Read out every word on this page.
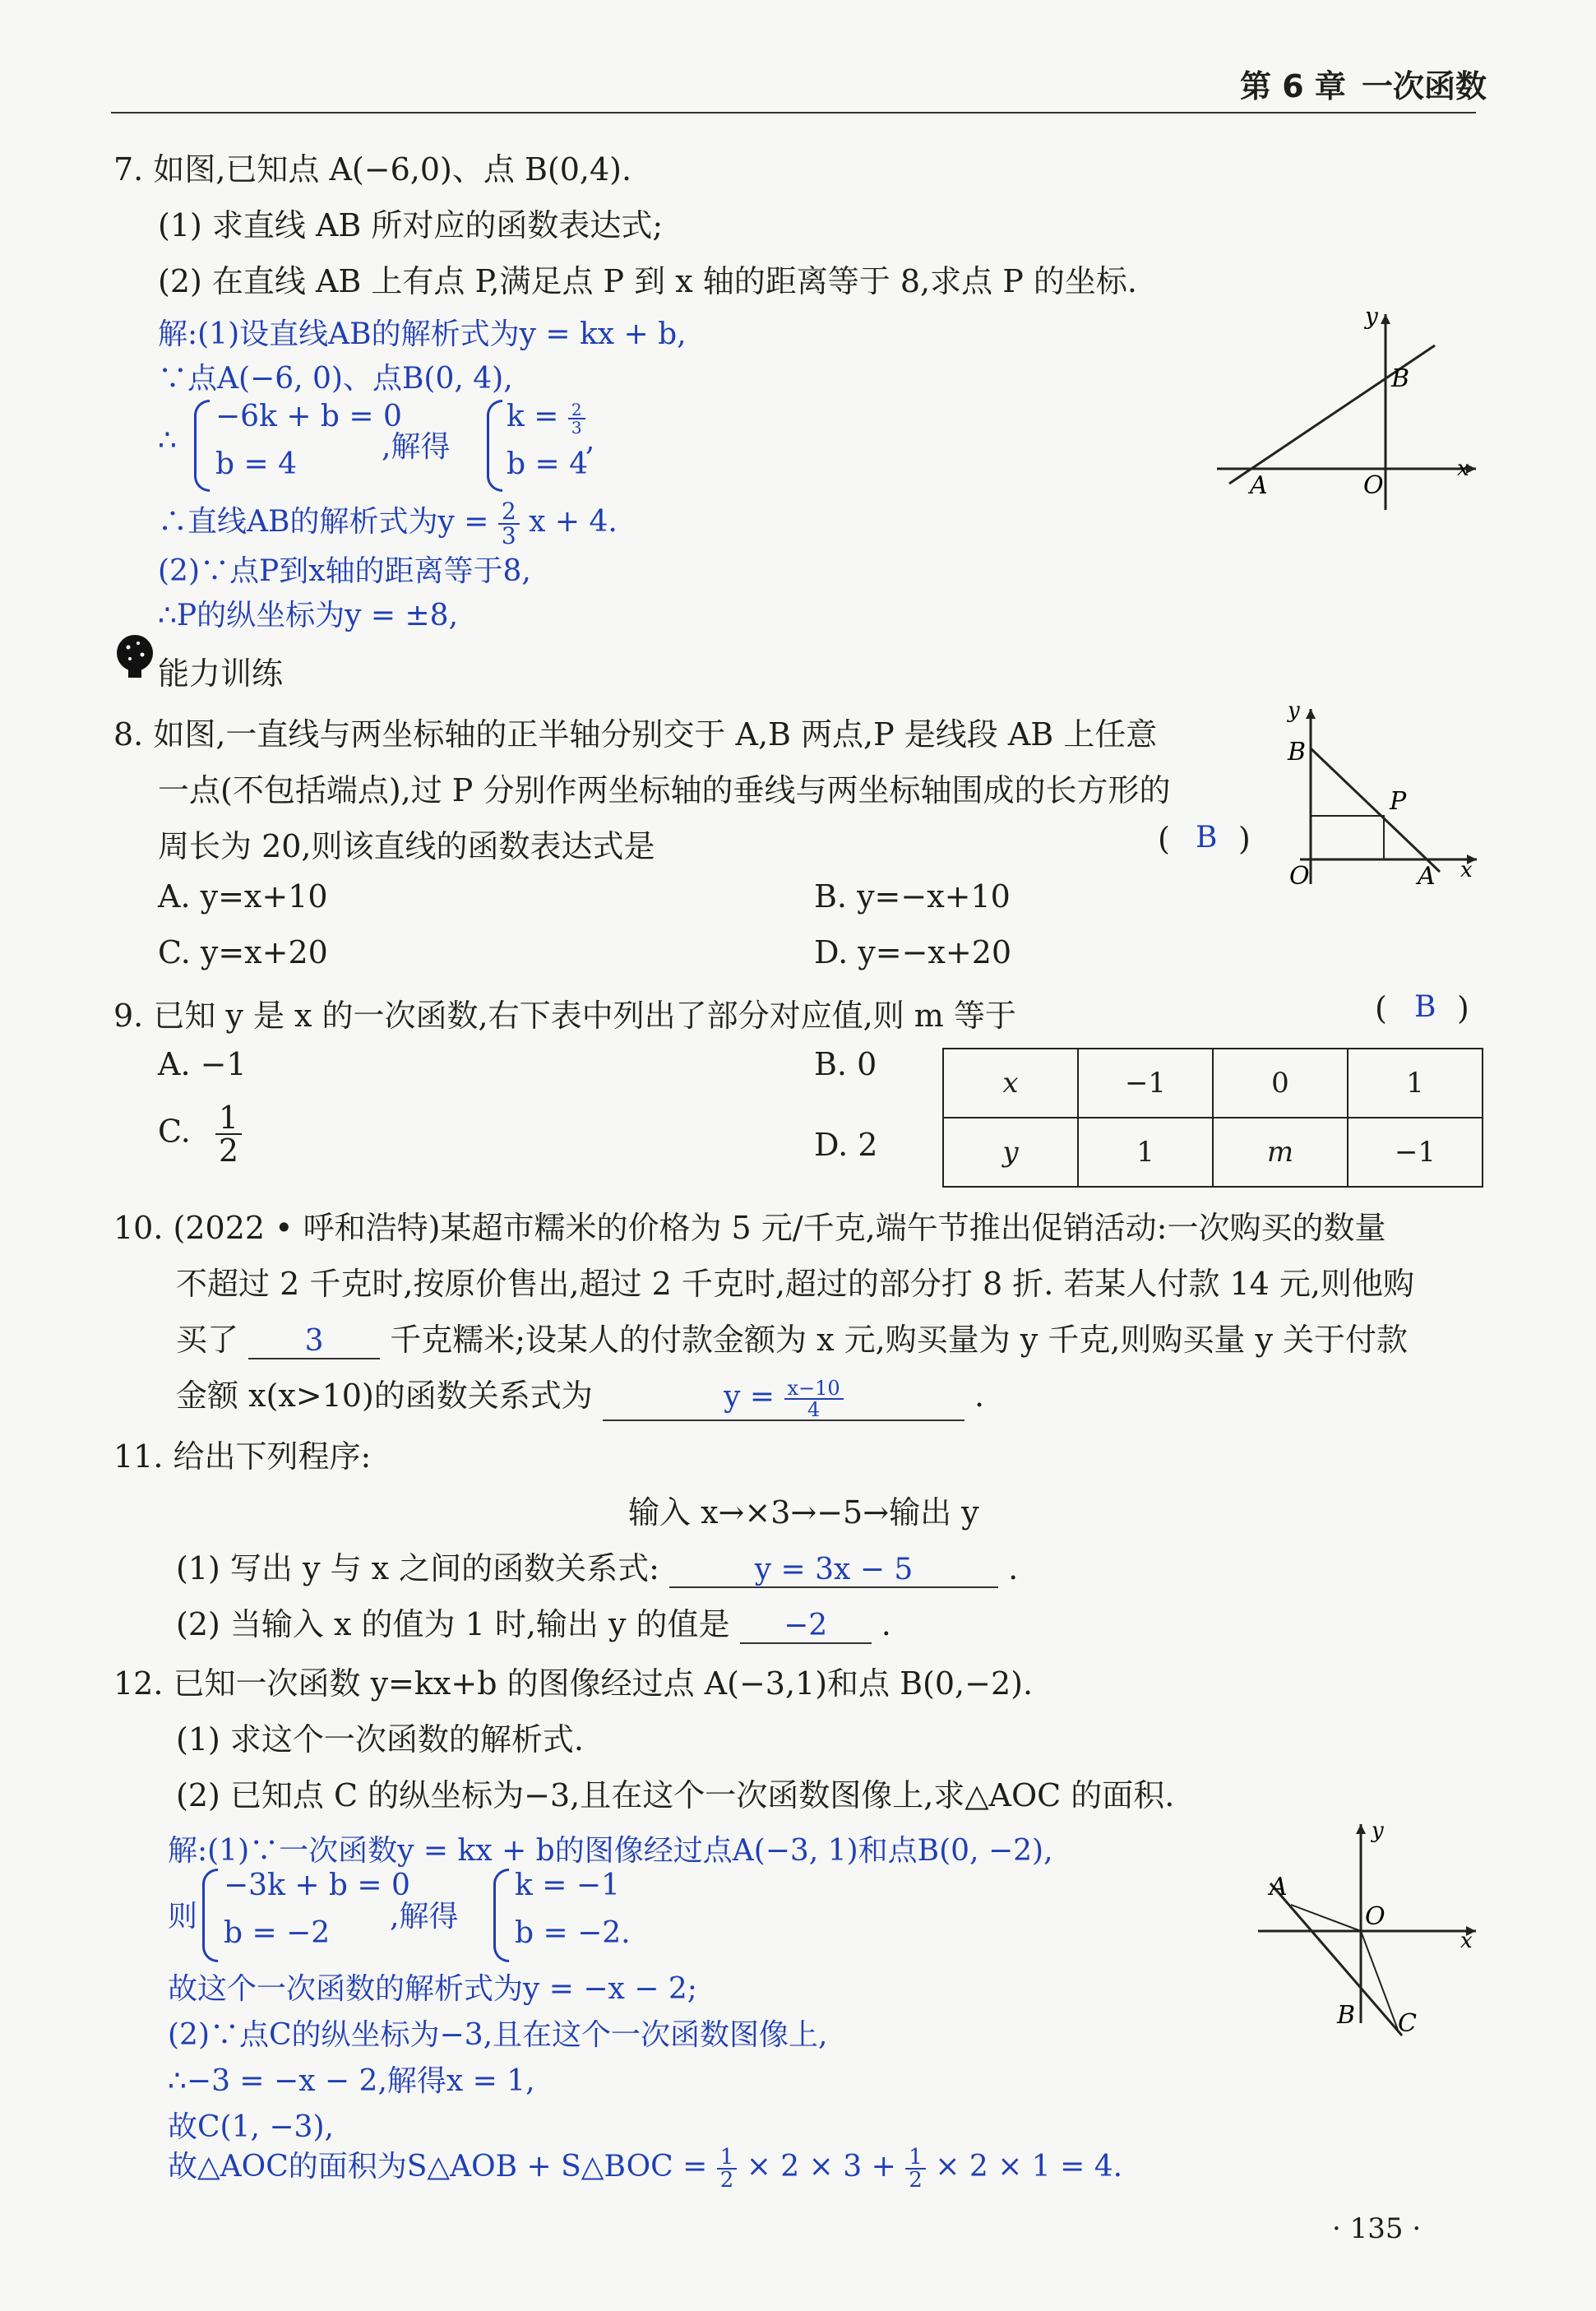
第 6 章 一次函数
7. 如图,已知点 A(−6,0)、点 B(0,4).
(1) 求直线 AB 所对应的函数表达式;
(2) 在直线 AB 上有点 P,满足点 P 到 x 轴的距离等于 8,求点 P 的坐标.
解:(1)设直线AB的解析式为y = kx + b,
∵点A(−6, 0)、点B(0, 4),
∴
−6k + b = 0
b = 4
,解得
$k = \frac{2}{3}$
b = 4
,
∴直线AB的解析式为$y = \frac{2}{3}$ x + 4.
(2)∵点P到x轴的距离等于8,
∴P的纵坐标为y = ±8,
y
B
A	O
x
能力训练
8. 如图,一直线与两坐标轴的正半轴分别交于 A,B 两点,P 是线段 AB 上任意
一点(不包括端点),过 P 分别作两坐标轴的垂线与两坐标轴围成的长方形的
周长为 20,则该直线的函数表达式是	( B )
A. y=x+10	B. y=−x+10
C. y=x+20	D. y=−x+20
y
B
P
O	A x
9. 已知 y 是 x 的一次函数,右下表中列出了部分对应值,则 m 等于	( B )
A. −1	B. 0
C. $\frac{1}{2}$	D. 2
x	−1	0	1
y	1	m	−1
10. (2022 • 呼和浩特)某超市糯米的价格为 5 元/千克,端午节推出促销活动:一次购买的数量
不超过 2 千克时,按原价售出,超过 2 千克时,超过的部分打 8 折. 若某人付款 14 元,则他购
买了 3 千克糯米;设某人的付款金额为 x 元,购买量为 y 千克,则购买量 y 关于付款
金额 x(x>10)的函数关系式为	$y = \frac{x-10}{4}$	.
11. 给出下列程序:
输入 x→×3→−5→输出 y
(1) 写出 y 与 x 之间的函数关系式:	y = 3x − 5	.
(2) 当输入 x 的值为 1 时,输出 y 的值是 −2 .
12. 已知一次函数 y=kx+b 的图像经过点 A(−3,1)和点 B(0,−2).
(1) 求这个一次函数的解析式.
(2) 已知点 C 的纵坐标为−3,且在这个一次函数图像上,求△AOC 的面积.
解:(1)∵一次函数y = kx + b的图像经过点A(−3, 1)和点B(0, −2),
则
−3k + b = 0
b = −2 ,解得
k = −1
b = −2.
故这个一次函数的解析式为y = −x − 2;
(2)∵点C的纵坐标为−3,且在这个一次函数图像上,
∴−3 = −x − 2,解得x = 1,
故C(1, −3),
故△AOC的面积为S△AOB + S△BOC = $\frac{1}{2} \times 2 \times 3 + \frac{1}{2} \times 2 \times 1 = 4$.
y
A
O
x
B C
· 135 ·
